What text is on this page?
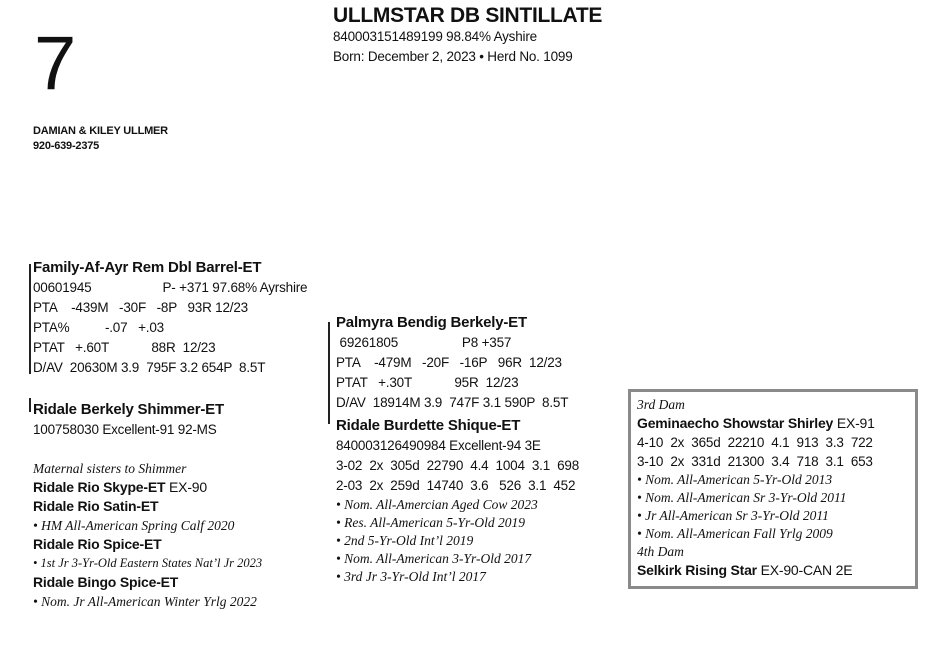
7
ULLMSTAR DB SINTILLATE
840003151489199 98.84% Ayshire
Born: December 2, 2023 • Herd No. 1099
DAMIAN & KILEY ULLMER
920-639-2375
Family-Af-Ayr Rem Dbl Barrel-ET
00601945                    P- +371 97.68% Ayrshire
PTA    -439M   -30F   -8P   93R 12/23
PTA%          -.07   +.03
PTAT   +.60T            88R  12/23
D/AV  20630M 3.9  795F 3.2 654P  8.5T
Ridale Berkely Shimmer-ET
100758030 Excellent-91 92-MS
Maternal sisters to Shimmer
Ridale Rio Skype-ET EX-90
Ridale Rio Satin-ET
• HM All-American Spring Calf 2020
Ridale Rio Spice-ET
• 1st Jr 3-Yr-Old Eastern States Nat’l Jr 2023
Ridale Bingo Spice-ET
• Nom. Jr All-American Winter Yrlg 2022
Palmyra Bendig Berkely-ET
69261805                  P8 +357
PTA    -479M   -20F   -16P   96R  12/23
PTAT   +.30T            95R  12/23
D/AV  18914M 3.9  747F 3.1 590P  8.5T
Ridale Burdette Shique-ET
840003126490984 Excellent-94 3E
3-02  2x  305d  22790  4.4  1004  3.1  698
2-03  2x  259d  14740  3.6   526  3.1  452
• Nom. All-Amercian Aged Cow 2023
• Res. All-American 5-Yr-Old 2019
• 2nd 5-Yr-Old Int’l 2019
• Nom. All-American 3-Yr-Old 2017
• 3rd Jr 3-Yr-Old Int’l 2017
3rd Dam
Geminaecho Showstar Shirley EX-91
4-10  2x  365d  22210  4.1  913  3.3  722
3-10  2x  331d  21300  3.4  718  3.1  653
• Nom. All-American 5-Yr-Old 2013
• Nom. All-American Sr 3-Yr-Old 2011
• Jr All-American Sr 3-Yr-Old 2011
• Nom. All-American Fall Yrlg 2009
4th Dam
Selkirk Rising Star EX-90-CAN 2E
